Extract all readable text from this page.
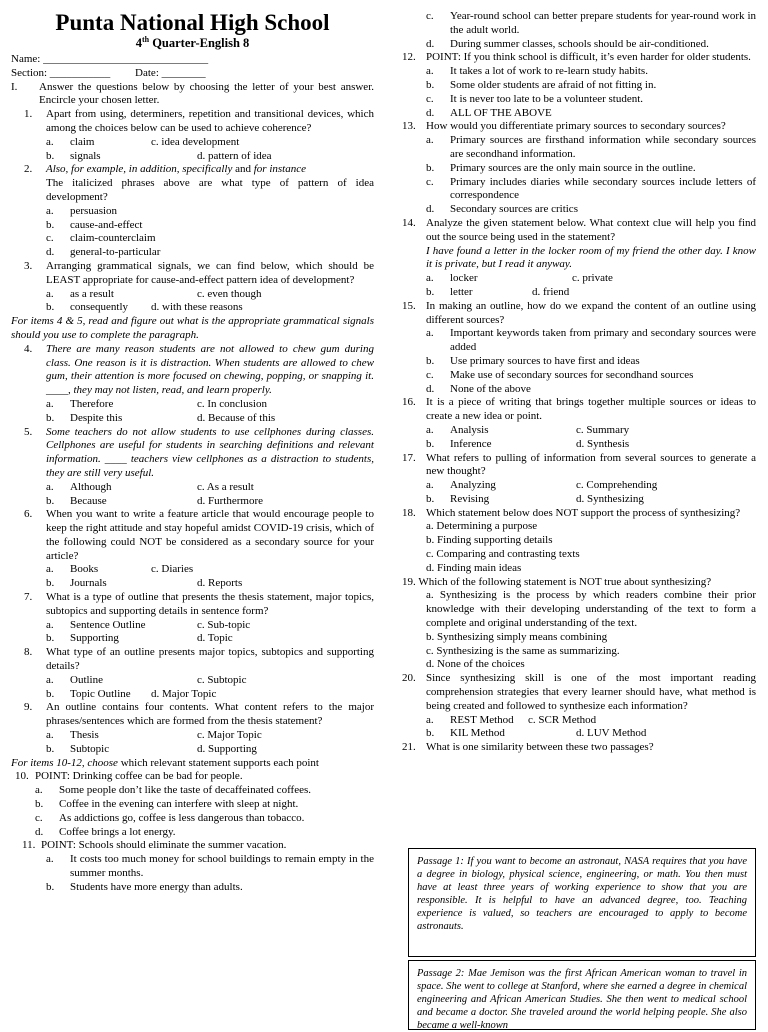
Punta National High School
4th Quarter-English 8
Name: ______________________________
Section: ___________         Date: ________
I.	Answer the questions below by choosing the letter of your best answer. Encircle your chosen letter.
1.	Apart from using, determiners, repetition and transitional devices, which among the choices below can be used to achieve coherence?
a.	claim	c. idea development
b.	signals	d. pattern of idea
2.	Also, for example, in addition, specifically and for instance
The italicized phrases above are what type of pattern of idea development?
a.	persuasion
b.	cause-and-effect
c.	claim-counterclaim
d.	general-to-particular
3.	Arranging grammatical signals, we can find below, which should be LEAST appropriate for cause-and-effect pattern idea of development?
a.	as a result	c. even though
b.	consequently	d. with these reasons
For items 4 & 5, read and figure out what is the appropriate grammatical signals should you use to complete the paragraph.
4.	There are many reason students are not allowed to chew gum during class. One reason is it is distraction. When students are allowed to chew gum, their attention is more focused on chewing, popping, or snapping it. ____, they may not listen, read, and learn properly.
a.	Therefore	c. In conclusion
b.	Despite this	d. Because of this
5.	Some teachers do not allow students to use cellphones during classes. Cellphones are useful for students in searching definitions and relevant information. ____ teachers view cellphones as a distraction to students, they are still very useful.
a.	Although	c. As a result
b.	Because	d. Furthermore
6.	When you want to write a feature article that would encourage people to keep the right attitude and stay hopeful amidst COVID-19 crisis, which of the following could NOT be considered as a secondary source for your article?
a.	Books	c. Diaries
b.	Journals	d. Reports
7.	What is a type of outline that presents the thesis statement, major topics, subtopics and supporting details in sentence form?
a.	Sentence Outline	c. Sub-topic
b.	Supporting	d. Topic
8.	What type of an outline presents major topics, subtopics and supporting details?
a.	Outline	c. Subtopic
b.	Topic Outline	d. Major Topic
9.	An outline contains four contents. What content refers to the major phrases/sentences which are formed from the thesis statement?
a.	Thesis	c. Major Topic
b.	Subtopic	d. Supporting
For items 10-12, choose which relevant statement supports each point
10. POINT: Drinking coffee can be bad for people.
a.	Some people don’t like the taste of decaffeinated coffees.
b.	Coffee in the evening can interfere with sleep at night.
c.	As addictions go, coffee is less dangerous than tobacco.
d.	Coffee brings a lot energy.
11. POINT: Schools should eliminate the summer vacation.
a.	It costs too much money for school buildings to remain empty in the summer months.
b.	Students have more energy than adults.
c.	Year-round school can better prepare students for year-round work in the adult world.
d.	During summer classes, schools should be air-conditioned.
12. POINT: If you think school is difficult, it’s even harder for older students.
a.	It takes a lot of work to re-learn study habits.
b.	Some older students are afraid of not fitting in.
c.	It is never too late to be a volunteer student.
d.	ALL OF THE ABOVE
13. How would you differentiate primary sources to secondary sources?
a.	Primary sources are firsthand information while secondary sources are secondhand information.
b.	Primary sources are the only main source in the outline.
c.	Primary includes diaries while secondary sources include letters of correspondence
d.	Secondary sources are critics
14. Analyze the given statement below. What context clue will help you find out the source being used in the statement?
I have found a letter in the locker room of my friend the other day. I know it is private, but I read it anyway.
a.	locker	c. private
b.	letter	d. friend
15. In making an outline, how do we expand the content of an outline using different sources?
a.	Important keywords taken from primary and secondary sources were added
b.	Use primary sources to have first and ideas
c.	Make use of secondary sources for secondhand sources
d.	None of the above
16. It is a piece of writing that brings together multiple sources or ideas to create a new idea or point.
a.	Analysis	c. Summary
b.	Inference	d. Synthesis
17. What refers to pulling of information from several sources to generate a new thought?
a.	Analyzing	c. Comprehending
b.	Revising	d. Synthesizing
18. Which statement below does NOT support the process of synthesizing?
a. Determining a purpose
b. Finding supporting details
c. Comparing and contrasting texts
d. Finding main ideas
19. Which of the following statement is NOT true about synthesizing?
a. Synthesizing is the process by which readers combine their prior knowledge with their developing understanding of the text to form a complete and original understanding of the text.
b. Synthesizing simply means combining
c. Synthesizing is the same as summarizing.
d. None of the choices
20. Since synthesizing skill is one of the most important reading comprehension strategies that every learner should have, what method is being created and followed to synthesize each information?
a.	REST Method	c. SCR Method
b.	KIL Method	d. LUV Method
21. What is one similarity between these two passages?
Passage 1: If you want to become an astronaut, NASA requires that you have a degree in biology, physical science, engineering, or math. You then must have at least three years of working experience to show that you are responsible. It is helpful to have an advanced degree, too. Teaching experience is valued, so teachers are encouraged to apply to become astronauts.
Passage 2: Mae Jemison was the first African American woman to travel in space. She went to college at Stanford, where she earned a degree in chemical engineering and African American Studies. She then went to medical school and became a doctor. She traveled around the world helping people. She also became a well-known
